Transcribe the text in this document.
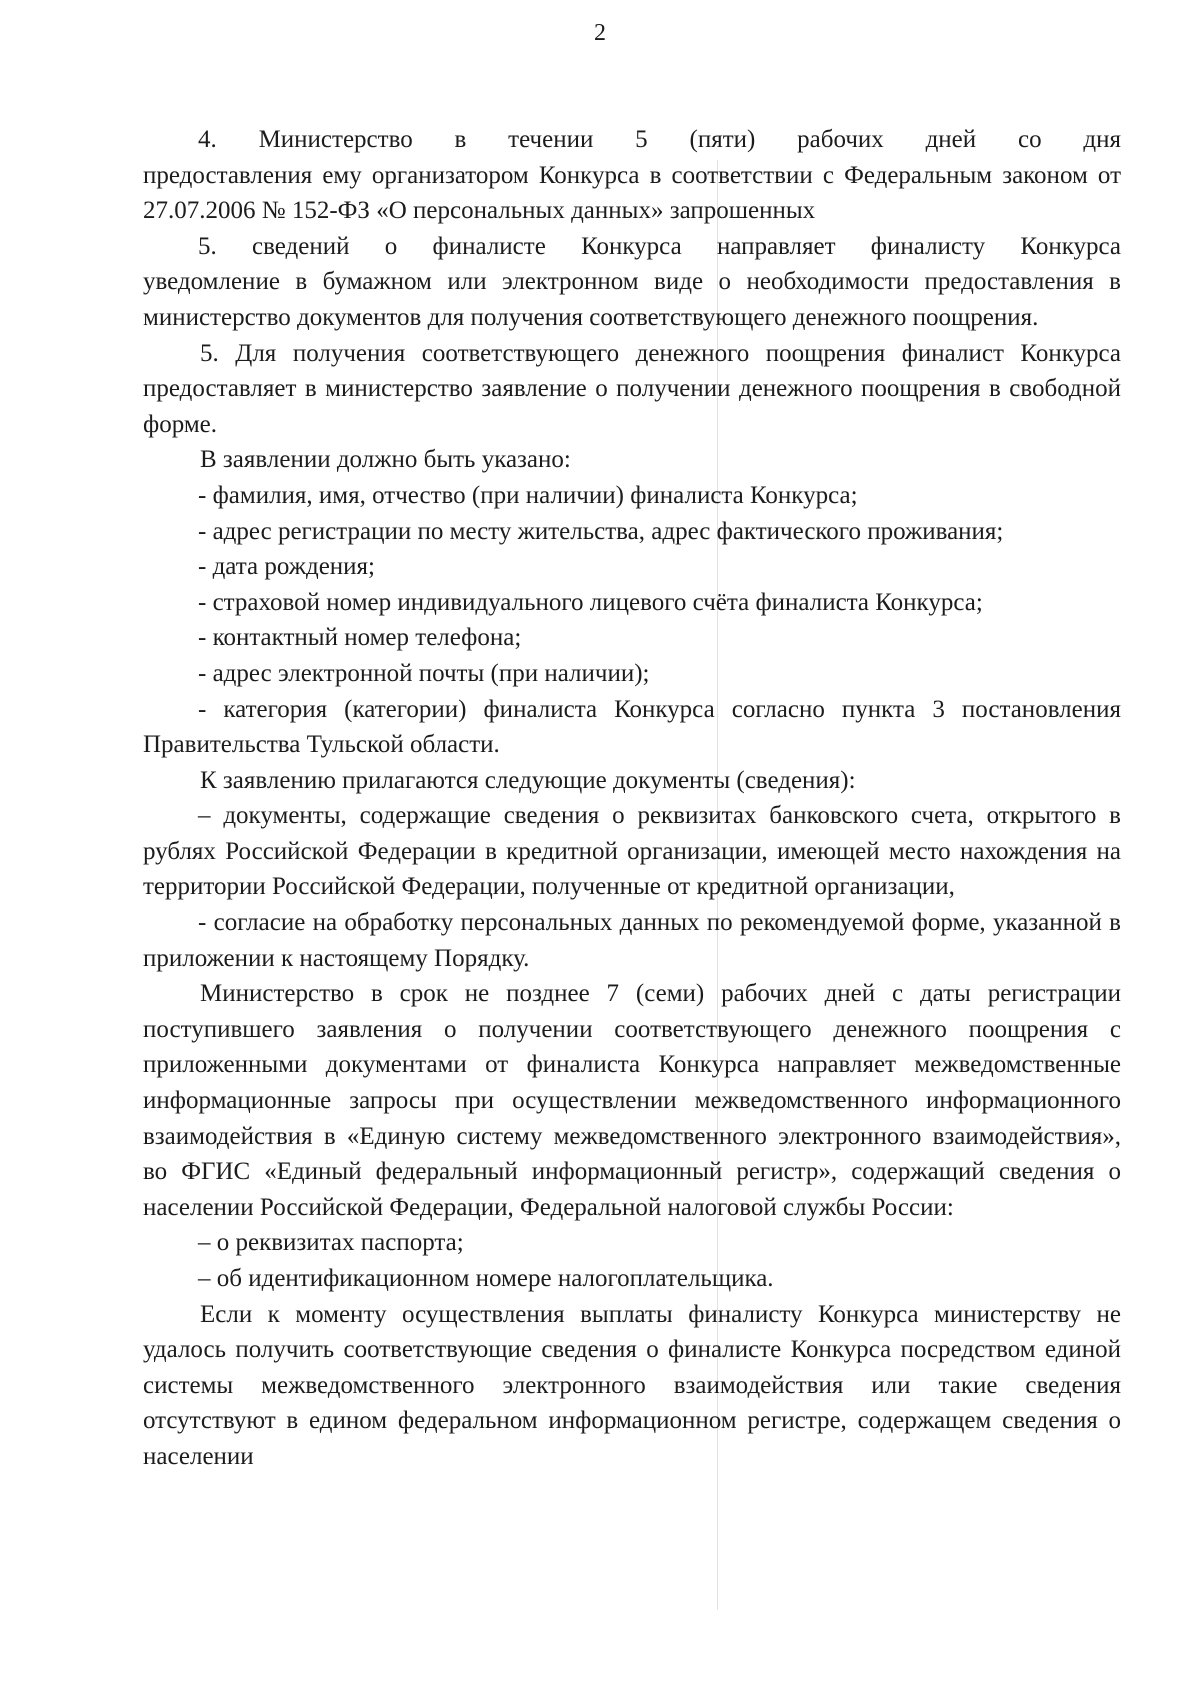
2

4. Министерство в течении 5 (пяти) рабочих дней со дня

предоставления ему организатором Конкурса в соответствии с Федеральным законом от 27.07.2006 № 152-ФЗ «О персональных данных» запрошенных

5. сведений о финалисте Конкурса направляет финалисту Конкурса

уведомление в бумажном или электронном виде о необходимости предоставления в министерство документов для получения соответствующего денежного поощрения.

5. Для получения соответствующего денежного поощрения финалист Конкурса предоставляет в министерство заявление о получении денежного поощрения в свободной форме.

В заявлении должно быть указано:

- фамилия, имя, отчество (при наличии) финалиста Конкурса;

- адрес регистрации по месту жительства, адрес фактического проживания;

- дата рождения;

- страховой номер индивидуального лицевого счёта финалиста Конкурса;

- контактный номер телефона;

- адрес электронной почты (при наличии);

- категория (категории) финалиста Конкурса согласно пункта 3 постановления Правительства Тульской области.

К заявлению прилагаются следующие документы (сведения):

– документы, содержащие сведения о реквизитах банковского счета, открытого в рублях Российской Федерации в кредитной организации, имеющей место нахождения на территории Российской Федерации, полученные от кредитной организации,

- согласие на обработку персональных данных по рекомендуемой форме, указанной в приложении к настоящему Порядку.

Министерство в срок не позднее 7 (семи) рабочих дней с даты регистрации поступившего заявления о получении соответствующего денежного поощрения с приложенными документами от финалиста Конкурса направляет межведомственные информационные запросы при осуществлении межведомственного информационного взаимодействия в «Единую систему межведомственного электронного взаимодействия», во ФГИС «Единый федеральный информационный регистр», содержащий сведения о населении Российской Федерации, Федеральной налоговой службы России:

– о реквизитах паспорта;

– об идентификационном номере налогоплательщика.

Если к моменту осуществления выплаты финалисту Конкурса министерству не удалось получить соответствующие сведения о финалисте Конкурса посредством единой системы межведомственного электронного взаимодействия или такие сведения отсутствуют в едином федеральном информационном регистре, содержащем сведения о населении
